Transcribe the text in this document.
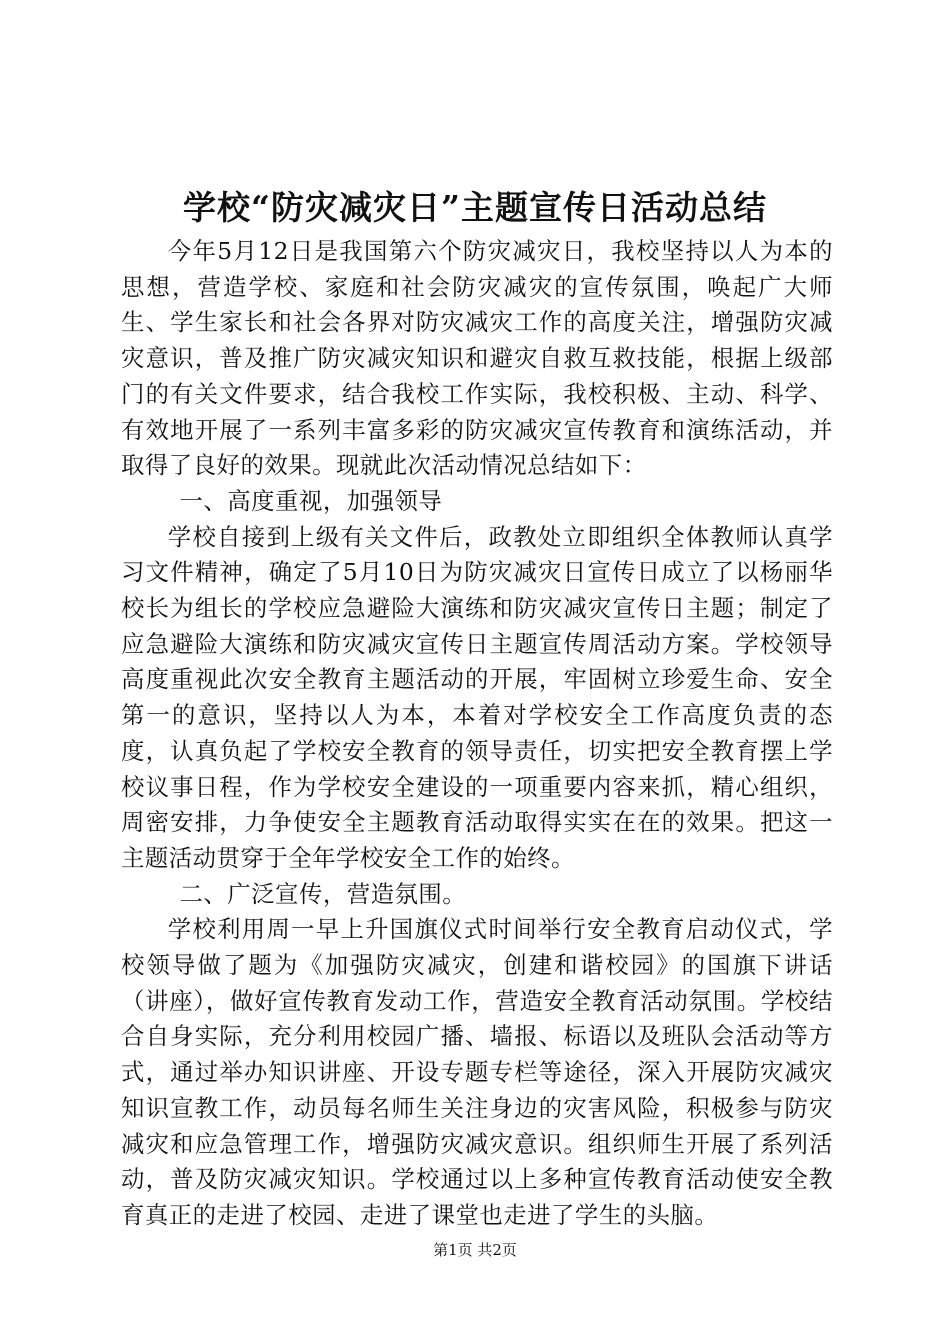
学校“防灾减灾日”主题宣传日活动总结

今年5月12日是我国第六个防灾减灾日，我校坚持以人为本的思想，营造学校、家庭和社会防灾减灾的宣传氛围，唤起广大师生、学生家长和社会各界对防灾减灾工作的高度关注，增强防灾减灾意识，普及推广防灾减灾知识和避灾自救互救技能，根据上级部门的有关文件要求，结合我校工作实际，我校积极、主动、科学、有效地开展了一系列丰富多彩的防灾减灾宣传教育和演练活动，并取得了良好的效果。现就此次活动情况总结如下：

一、高度重视，加强领导

学校自接到上级有关文件后，政教处立即组织全体教师认真学习文件精神，确定了5月10日为防灾减灾日宣传日成立了以杨丽华校长为组长的学校应急避险大演练和防灾减灾宣传日主题；制定了应急避险大演练和防灾减灾宣传日主题宣传周活动方案。学校领导高度重视此次安全教育主题活动的开展，牢固树立珍爱生命、安全第一的意识，坚持以人为本，本着对学校安全工作高度负责的态度，认真负起了学校安全教育的领导责任，切实把安全教育摆上学校议事日程，作为学校安全建设的一项重要内容来抓，精心组织，周密安排，力争使安全主题教育活动取得实实在在的效果。把这一主题活动贯穿于全年学校安全工作的始终。

二、广泛宣传，营造氛围。

学校利用周一早上升国旗仪式时间举行安全教育启动仪式，学校领导做了题为《加强防灾减灾，创建和谐校园》的国旗下讲话（讲座），做好宣传教育发动工作，营造安全教育活动氛围。学校结合自身实际，充分利用校园广播、墙报、标语以及班队会活动等方式，通过举办知识讲座、开设专题专栏等途径，深入开展防灾减灾知识宣教工作，动员每名师生关注身边的灾害风险，积极参与防灾减灾和应急管理工作，增强防灾减灾意识。组织师生开展了系列活动，普及防灾减灾知识。学校通过以上多种宣传教育活动使安全教育真正的走进了校园、走进了课堂也走进了学生的头脑。

第1页 共2页
